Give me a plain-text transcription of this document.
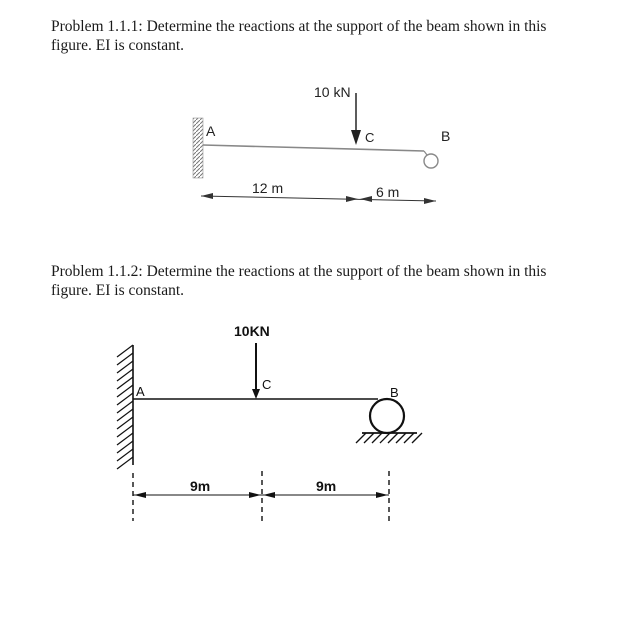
Problem 1.1.1: Determine the reactions at the support of the beam shown in this figure. EI is constant.
Problem 1.1.2: Determine the reactions at the support of the beam shown in this figure. EI is constant.
10 kN
A	C	B
12 m	6 m
10KN
A	C
B
9m	9m
